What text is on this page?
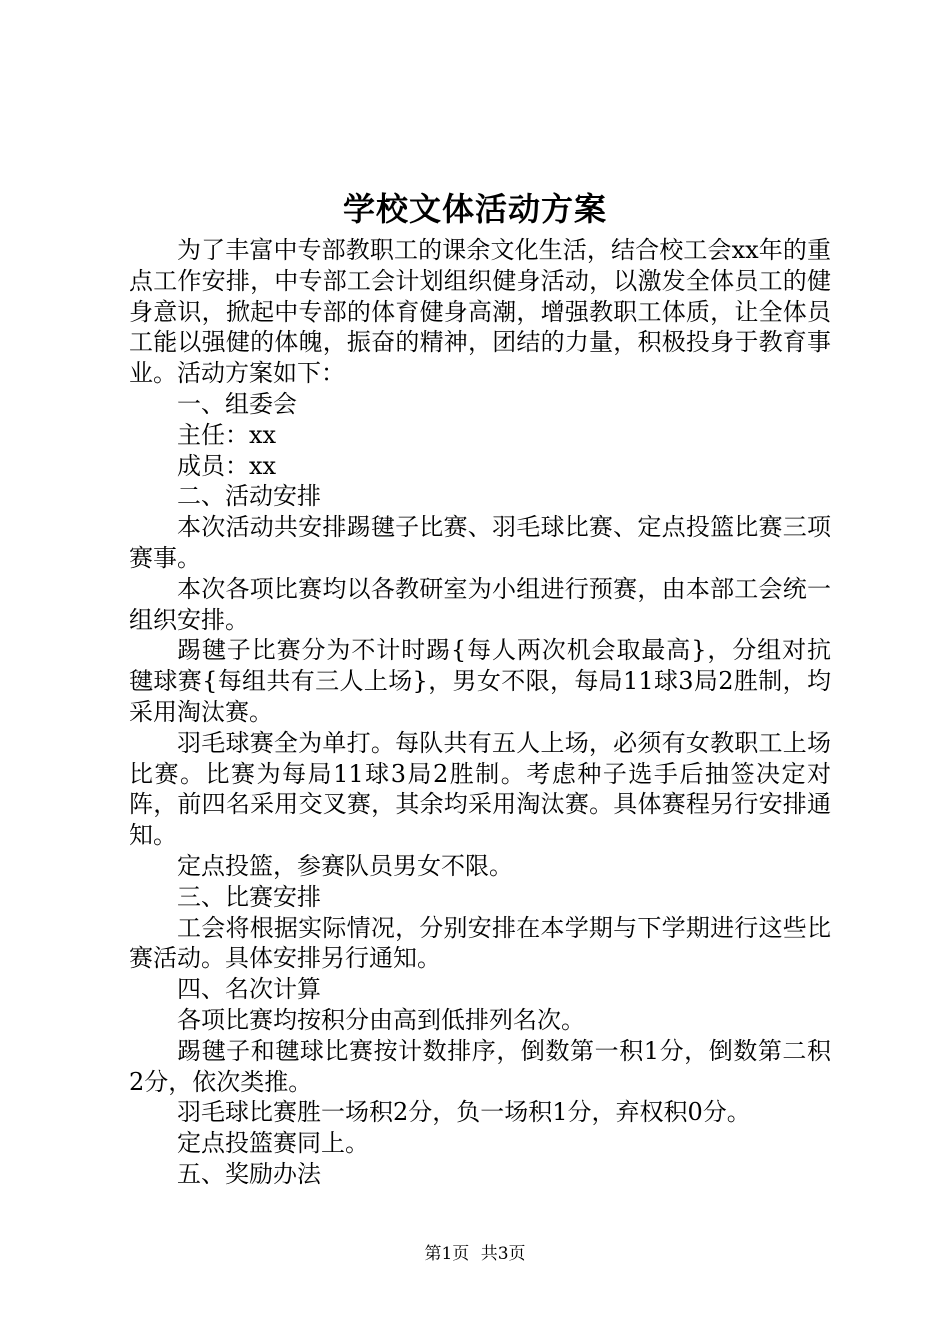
学校文体活动方案

为了丰富中专部教职工的课余文化生活，结合校工会xx年的重点工作安排，中专部工会计划组织健身活动，以激发全体员工的健身意识，掀起中专部的体育健身高潮，增强教职工体质，让全体员工能以强健的体魄，振奋的精神，团结的力量，积极投身于教育事业。活动方案如下：

一、组委会

主任：xx

成员：xx

二、活动安排

本次活动共安排踢毽子比赛、羽毛球比赛、定点投篮比赛三项赛事。

本次各项比赛均以各教研室为小组进行预赛，由本部工会统一组织安排。

踢毽子比赛分为不计时踢{每人两次机会取最高}，分组对抗毽球赛{每组共有三人上场}，男女不限，每局11球3局2胜制，均采用淘汰赛。

羽毛球赛全为单打。每队共有五人上场，必须有女教职工上场比赛。比赛为每局11球3局2胜制。考虑种子选手后抽签决定对阵，前四名采用交叉赛，其余均采用淘汰赛。具体赛程另行安排通知。

定点投篮，参赛队员男女不限。

三、比赛安排

工会将根据实际情况，分别安排在本学期与下学期进行这些比赛活动。具体安排另行通知。

四、名次计算

各项比赛均按积分由高到低排列名次。

踢毽子和毽球比赛按计数排序，倒数第一积1分，倒数第二积2分，依次类推。

羽毛球比赛胜一场积2分，负一场积1分，弃权积0分。

定点投篮赛同上。

五、奖励办法

第1页 共3页
